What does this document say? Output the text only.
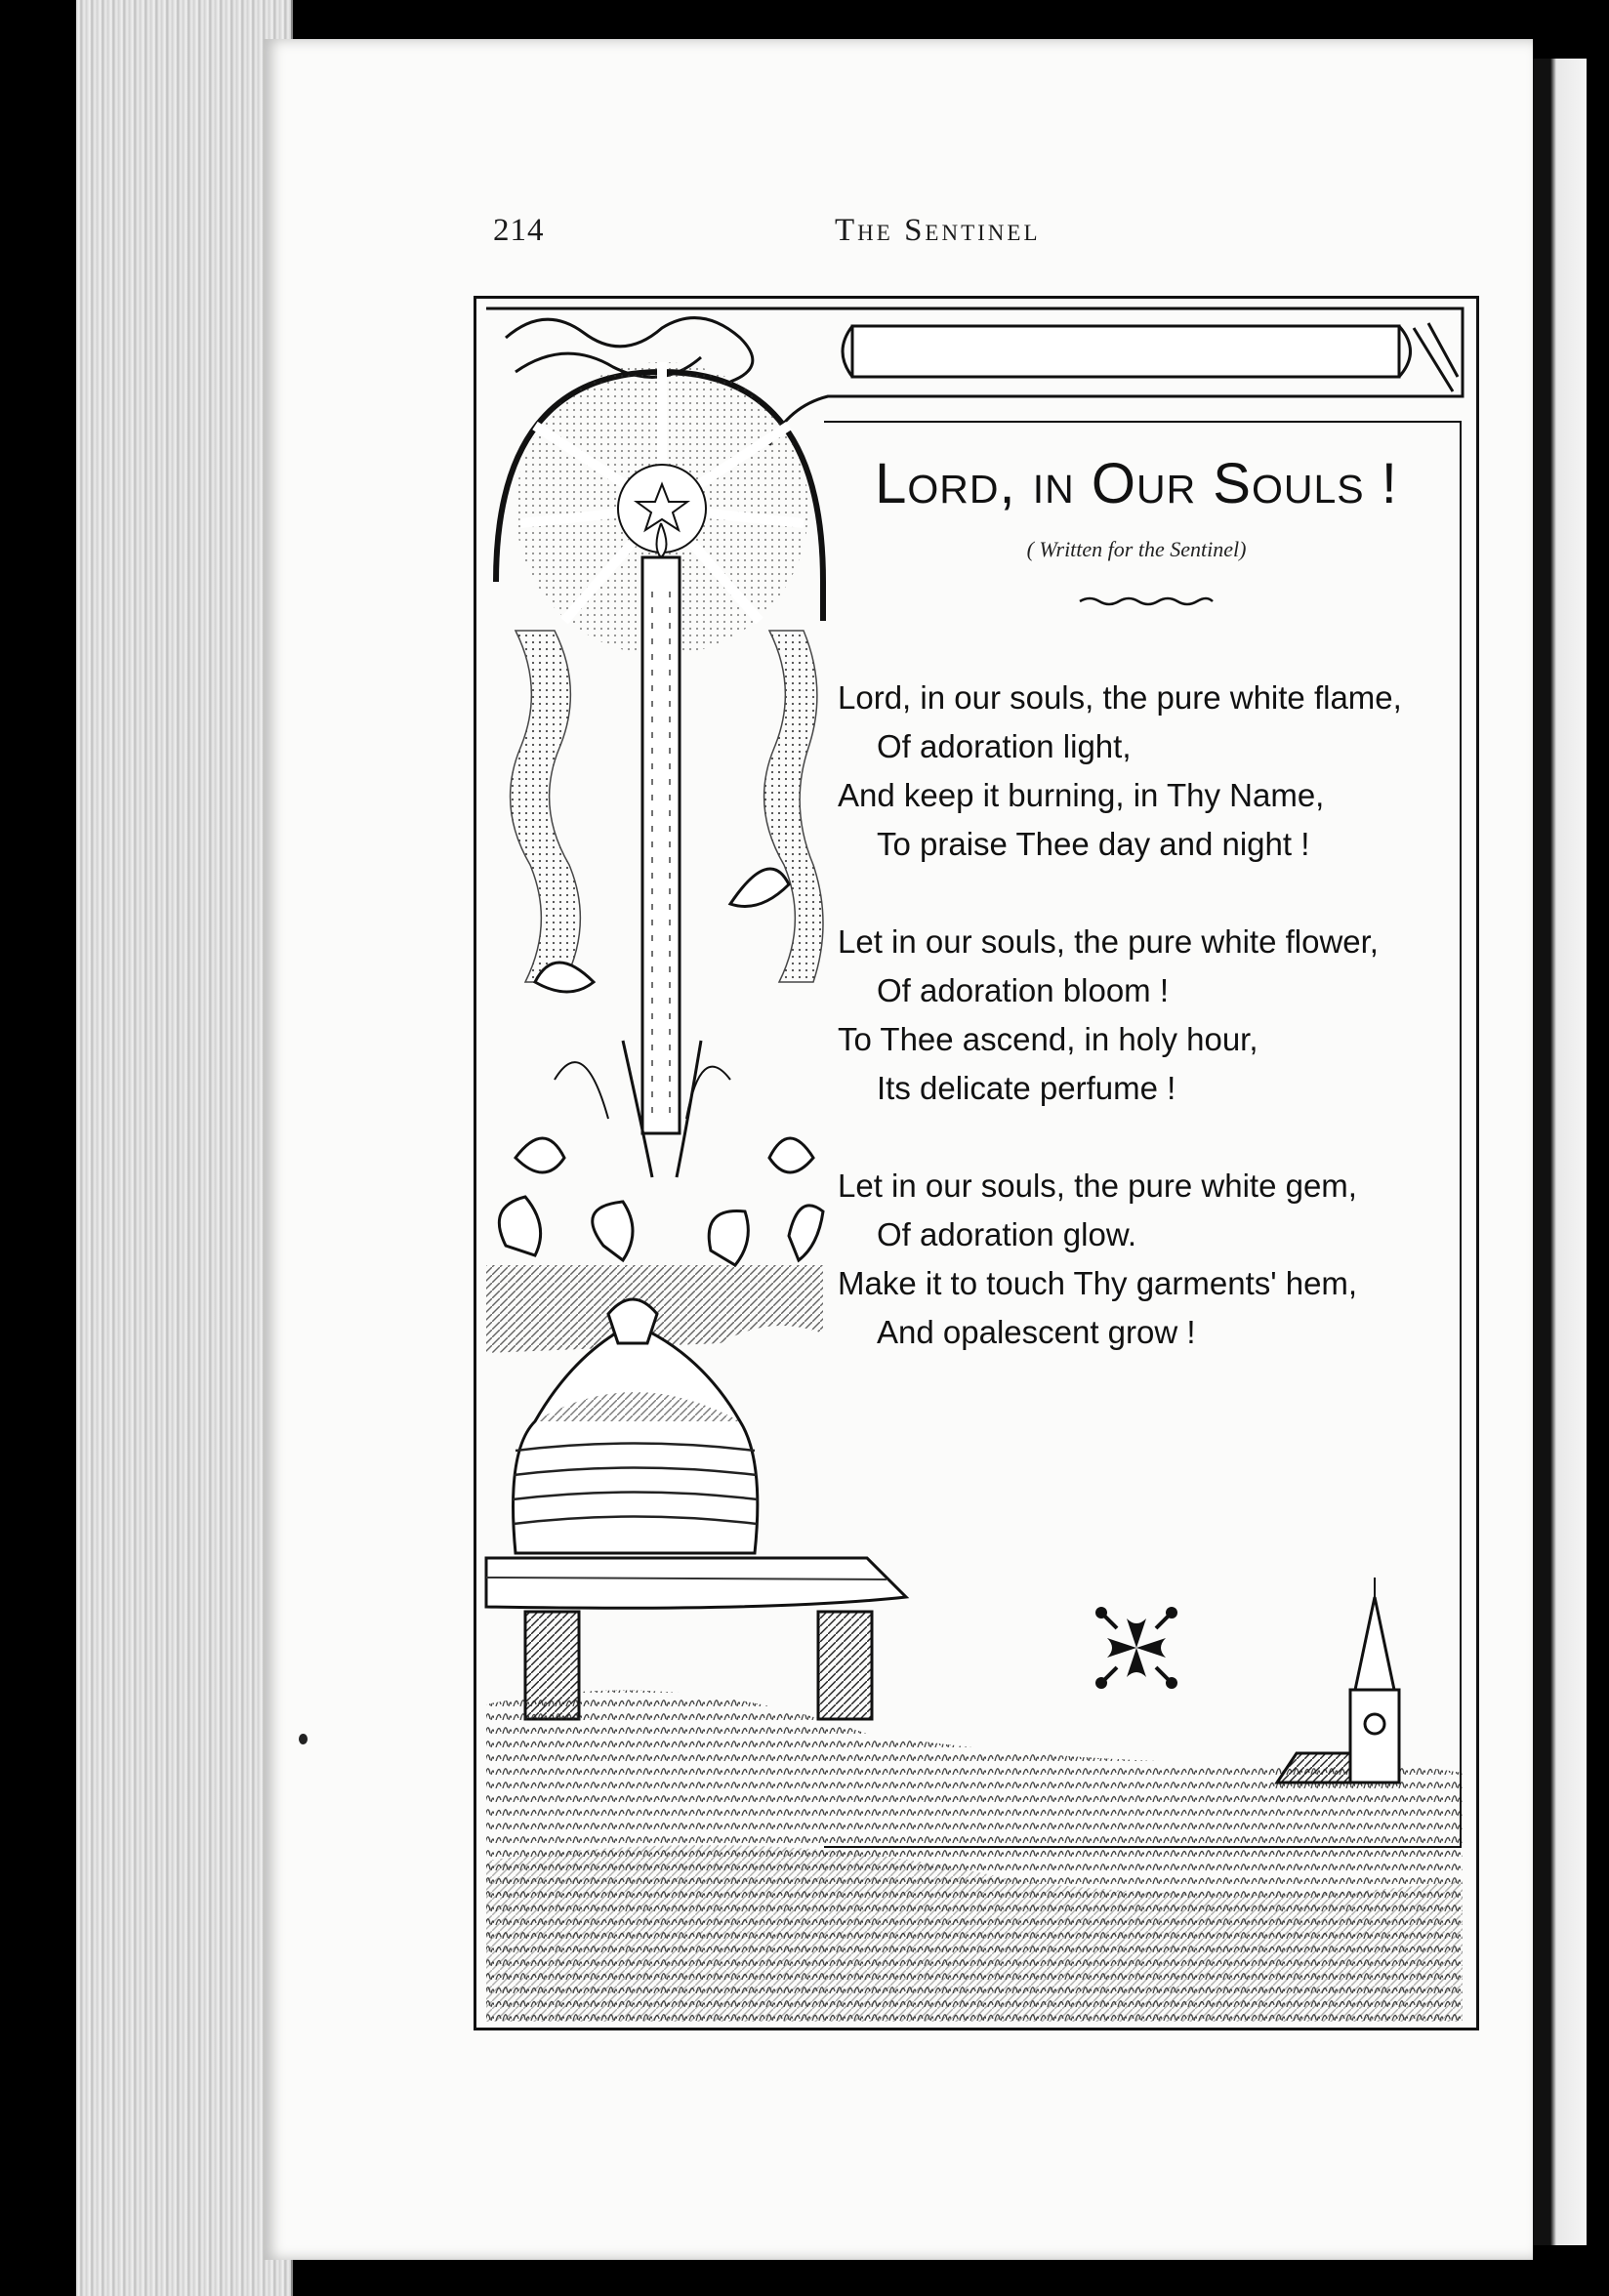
214	The Sentinel
Lord, in Our Souls !
( Written for the Sentinel)
Lord, in our souls, the pure white flame,
Of adoration light,
And keep it burning, in Thy Name,
To praise Thee day and night !
Let in our souls, the pure white flower,
Of adoration bloom !
To Thee ascend, in holy hour,
Its delicate perfume !
Let in our souls, the pure white gem,
Of adoration glow.
Make it to touch Thy garments' hem,
And opalescent grow !
